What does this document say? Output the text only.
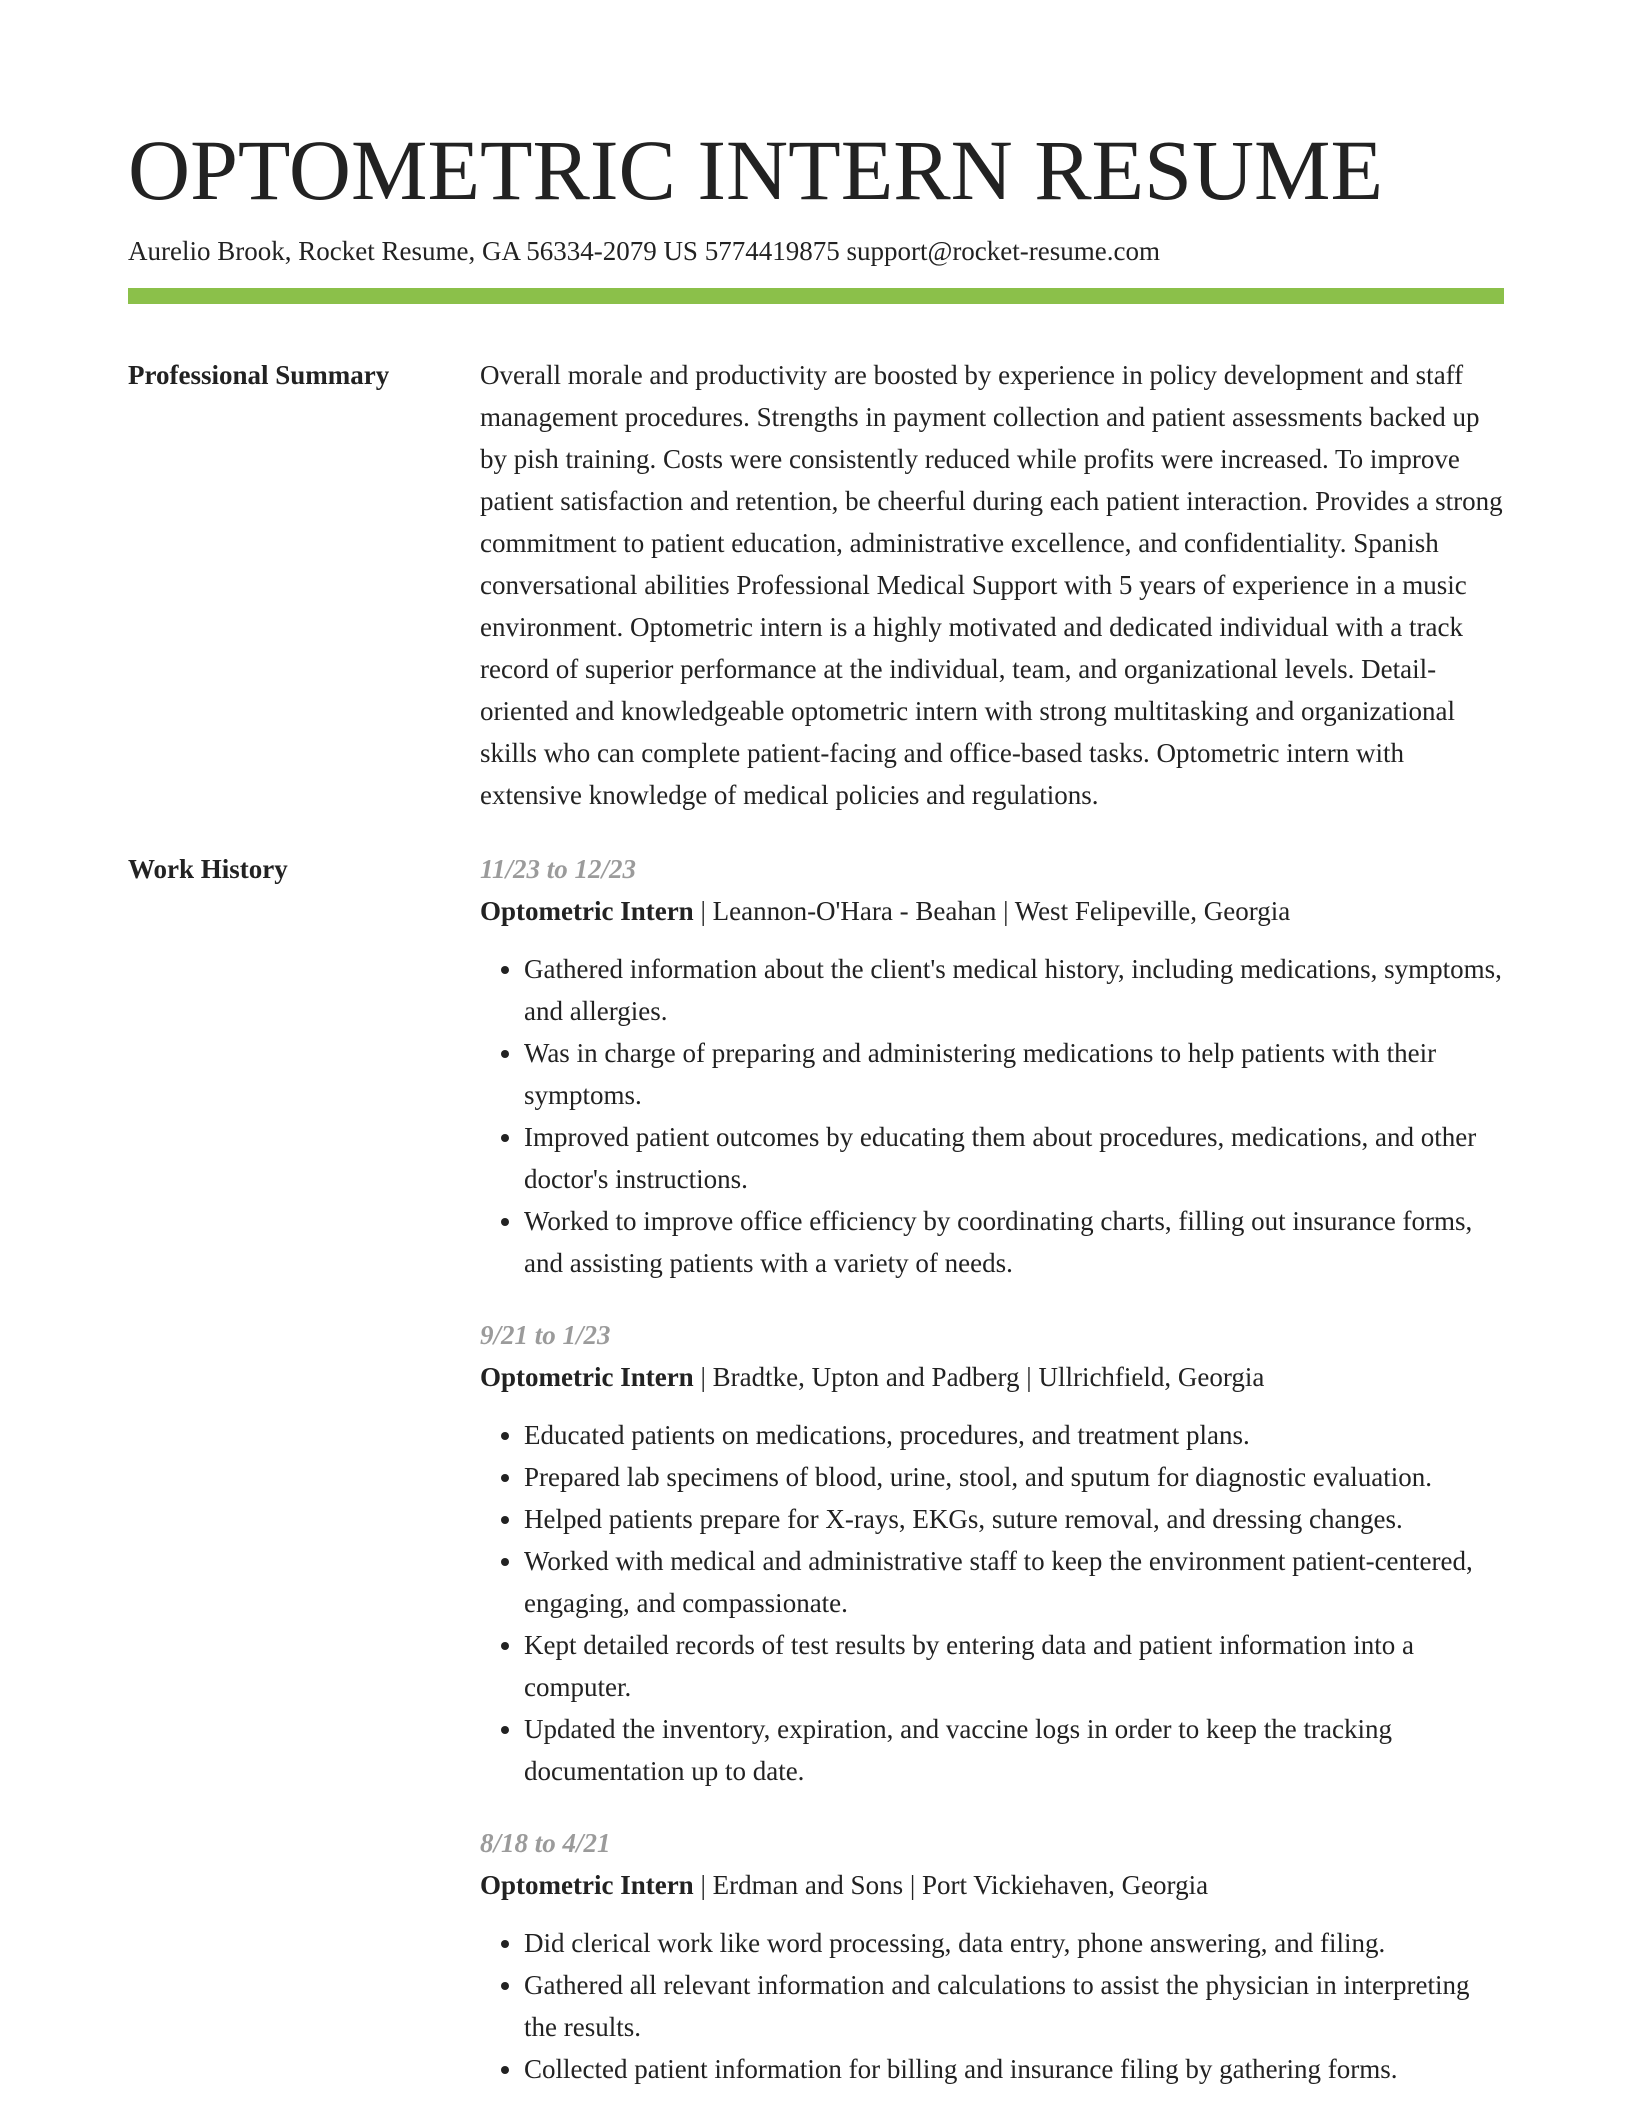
OPTOMETRIC INTERN RESUME
Aurelio Brook, Rocket Resume, GA 56334-2079 US 5774419875 support@rocket-resume.com
Professional Summary	Overall morale and productivity are boosted by experience in policy development and staff management procedures. Strengths in payment collection and patient assessments backed up by pish training. Costs were consistently reduced while profits were increased. To improve patient satisfaction and retention, be cheerful during each patient interaction. Provides a strong commitment to patient education, administrative excellence, and confidentiality. Spanish conversational abilities Professional Medical Support with 5 years of experience in a music environment. Optometric intern is a highly motivated and dedicated individual with a track record of superior performance at the individual, team, and organizational levels. Detail-oriented and knowledgeable optometric intern with strong multitasking and organizational skills who can complete patient-facing and office-based tasks. Optometric intern with extensive knowledge of medical policies and regulations.
Work History	11/23 to 12/23
Optometric Intern | Leannon-O'Hara - Beahan | West Felipeville, Georgia
• Gathered information about the client's medical history, including medications, symptoms, and allergies.
• Was in charge of preparing and administering medications to help patients with their symptoms.
• Improved patient outcomes by educating them about procedures, medications, and other doctor's instructions.
• Worked to improve office efficiency by coordinating charts, filling out insurance forms, and assisting patients with a variety of needs.
9/21 to 1/23
Optometric Intern | Bradtke, Upton and Padberg | Ullrichfield, Georgia
• Educated patients on medications, procedures, and treatment plans.
• Prepared lab specimens of blood, urine, stool, and sputum for diagnostic evaluation.
• Helped patients prepare for X-rays, EKGs, suture removal, and dressing changes.
• Worked with medical and administrative staff to keep the environment patient-centered, engaging, and compassionate.
• Kept detailed records of test results by entering data and patient information into a computer.
• Updated the inventory, expiration, and vaccine logs in order to keep the tracking documentation up to date.
8/18 to 4/21
Optometric Intern | Erdman and Sons | Port Vickiehaven, Georgia
• Did clerical work like word processing, data entry, phone answering, and filing.
• Gathered all relevant information and calculations to assist the physician in interpreting the results.
• Collected patient information for billing and insurance filing by gathering forms.
